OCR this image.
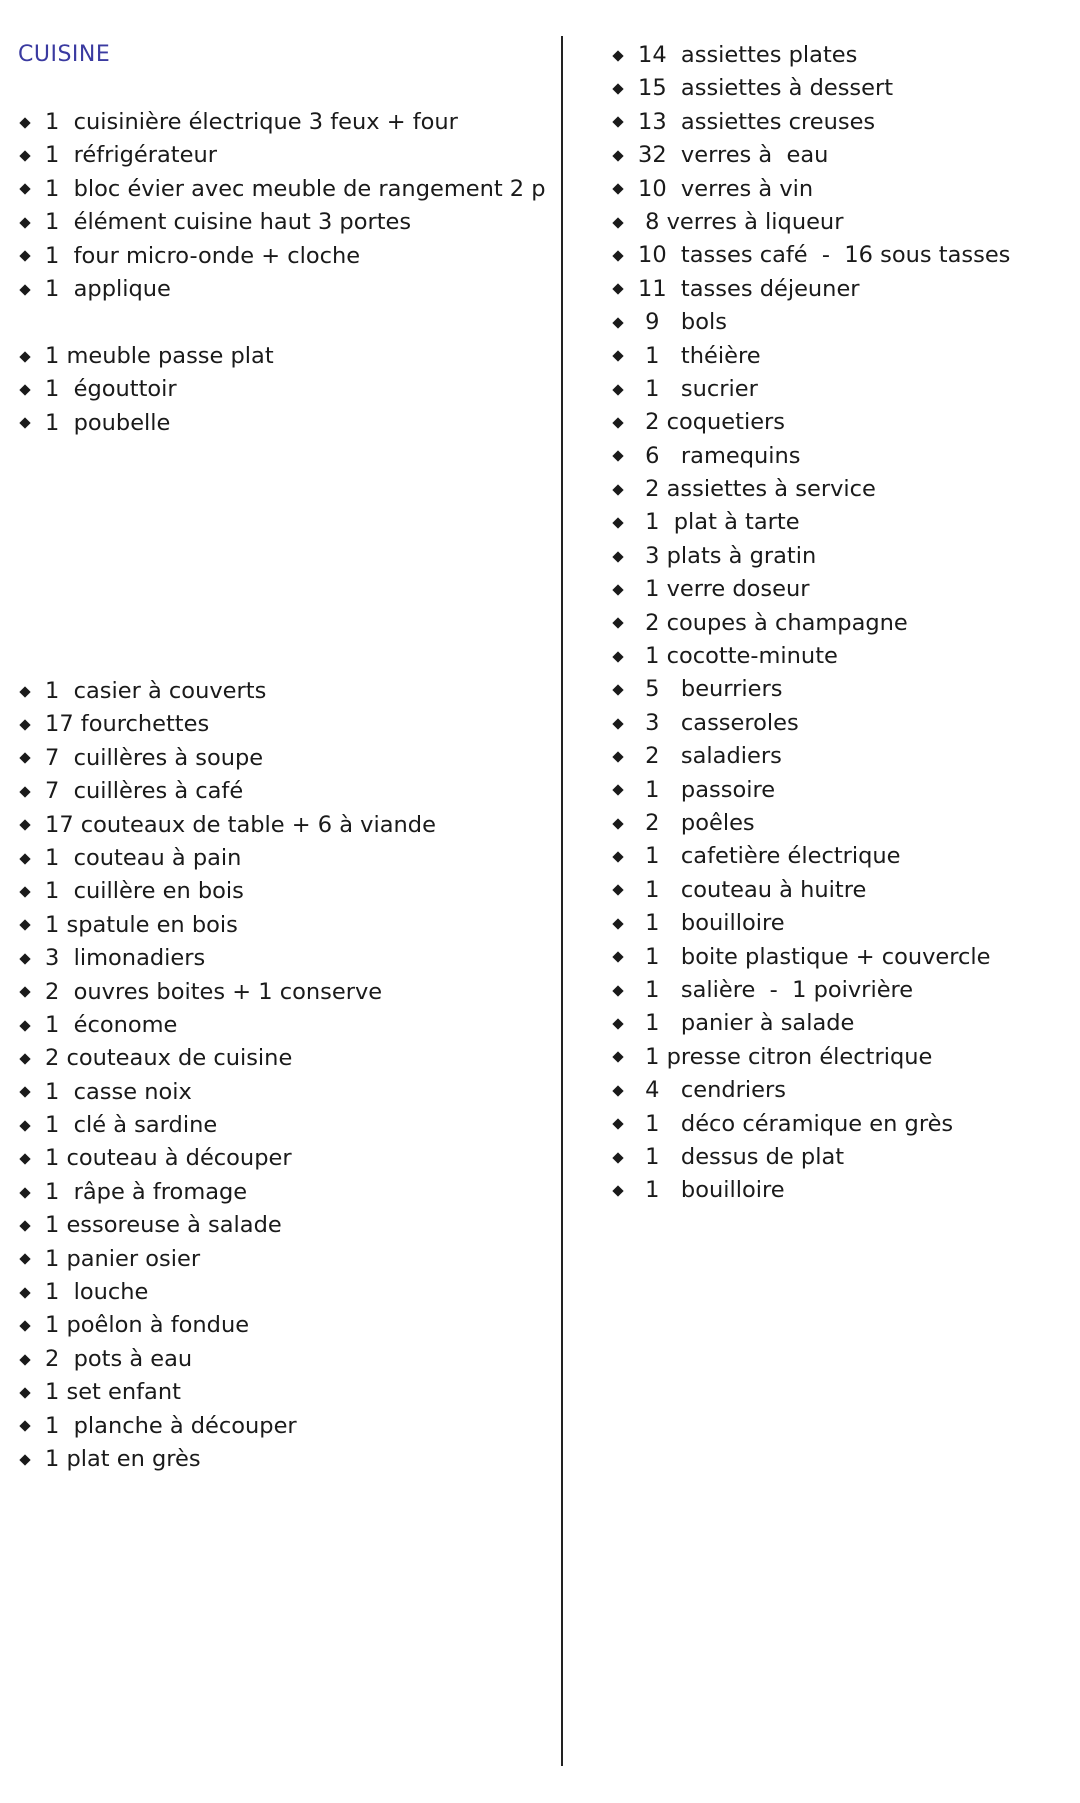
CUISINE
1  cuisinière électrique 3 feux + four
1  réfrigérateur
1  bloc évier avec meuble de rangement 2 p
1  élément cuisine haut 3 portes
1  four micro-onde + cloche
1  applique
1 meuble passe plat
1  égouttoir
1  poubelle
1  casier à couverts
17 fourchettes
7  cuillères à soupe
7  cuillères à café
17 couteaux de table + 6 à viande
1  couteau à pain
1  cuillère en bois
1 spatule en bois
3  limonadiers
2  ouvres boites + 1 conserve
1  économe
2 couteaux de cuisine
1  casse noix
1  clé à sardine
1 couteau à découper
1  râpe à fromage
1 essoreuse à salade
1 panier osier
1  louche
1 poêlon à fondue
2  pots à eau
1 set enfant
1  planche à découper
1 plat en grès
14  assiettes plates
15  assiettes à dessert
13  assiettes creuses
32  verres à  eau
10  verres à vin
8 verres à liqueur
10  tasses café  -  16 sous tasses
11  tasses déjeuner
9   bols
1   théière
1   sucrier
2 coquetiers
6   ramequins
2 assiettes à service
1  plat à tarte
3 plats à gratin
1 verre doseur
2 coupes à champagne
1 cocotte-minute
5   beurriers
3   casseroles
2   saladiers
1   passoire
2   poêles
1   cafetière électrique
1   couteau à huitre
1   bouilloire
1   boite plastique + couvercle
1   salière  -  1 poivrière
1   panier à salade
1 presse citron électrique
4   cendriers
1   déco céramique en grès
1   dessus de plat
1   bouilloire
